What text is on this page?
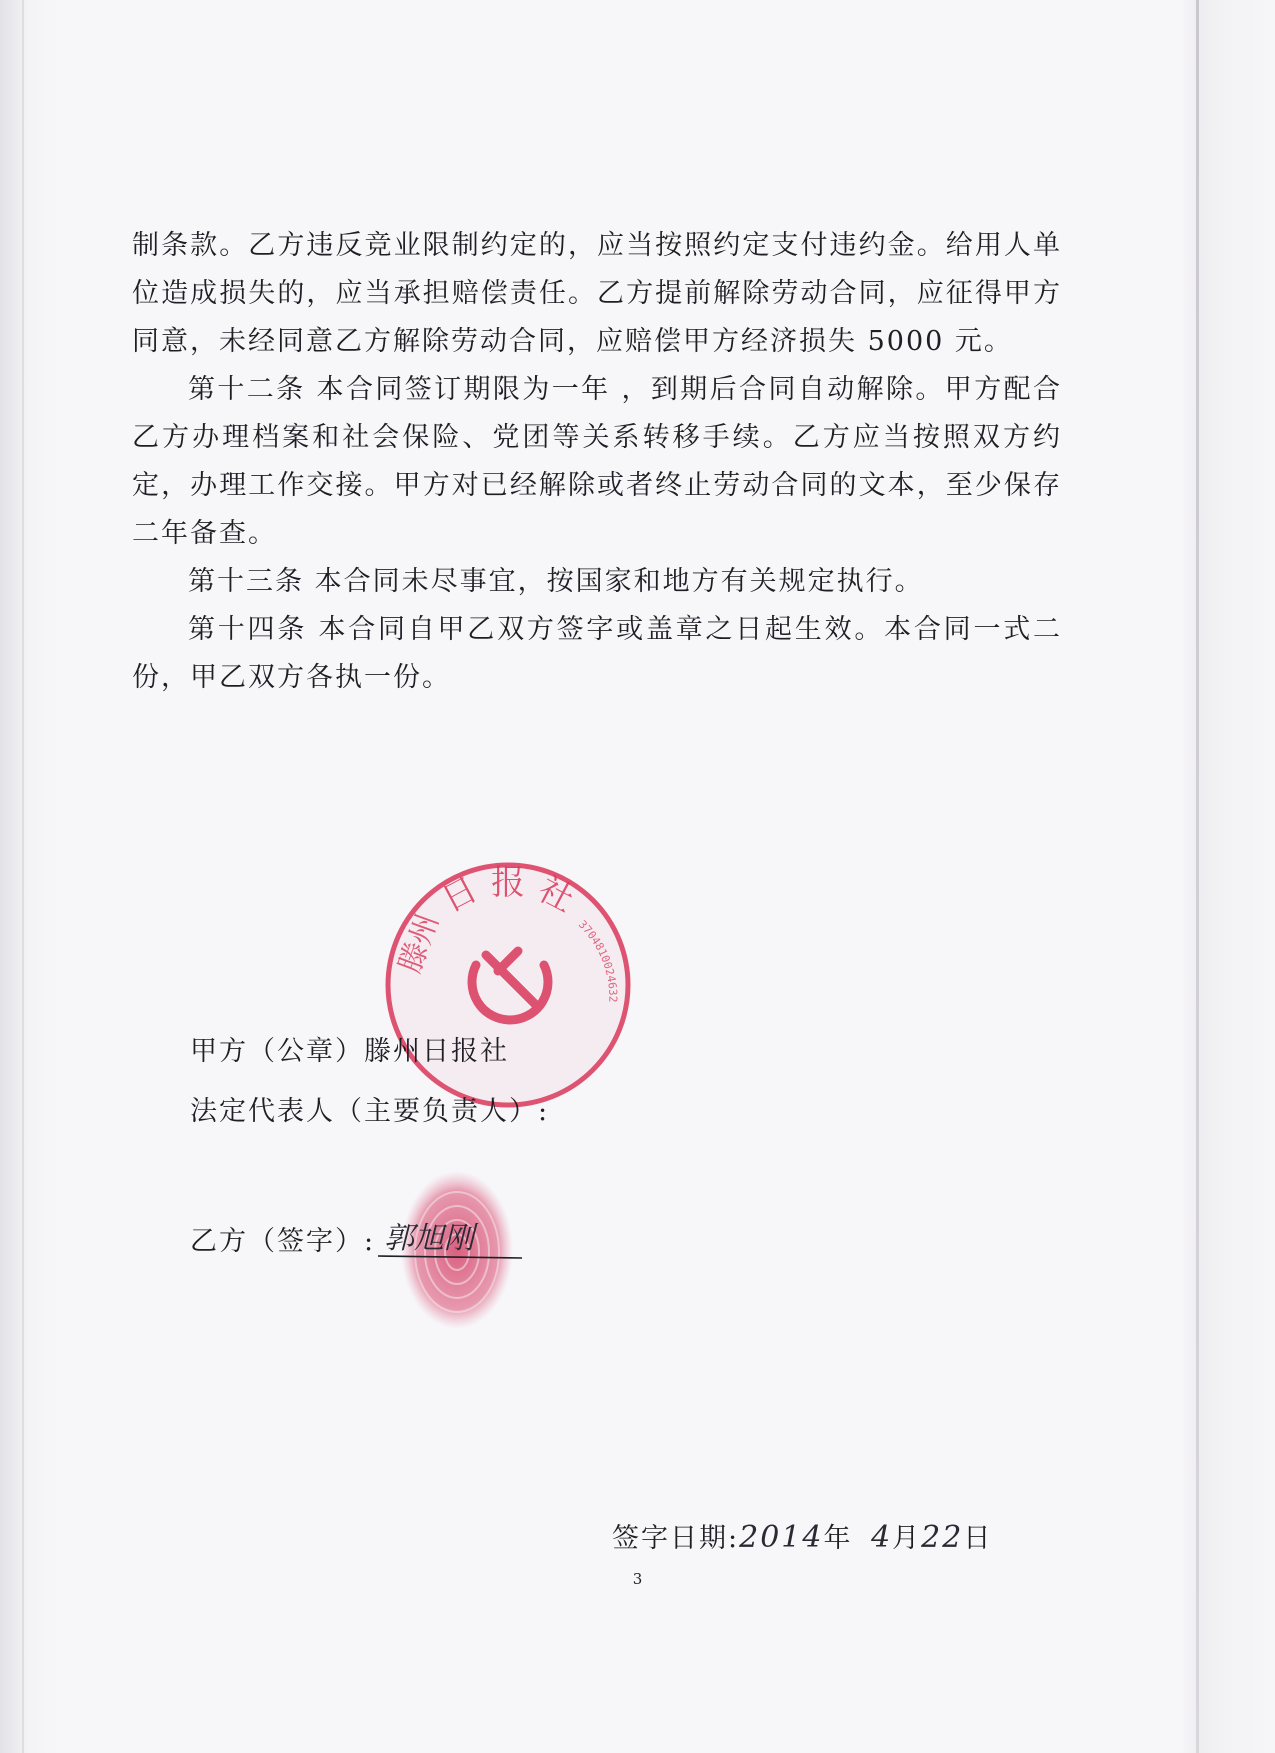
制条款。乙方违反竞业限制约定的，应当按照约定支付违约金。给用人单位造成损失的，应当承担赔偿责任。乙方提前解除劳动合同，应征得甲方同意，未经同意乙方解除劳动合同，应赔偿甲方经济损失 5000 元。

第十二条 本合同签订期限为一年 ，到期后合同自动解除。甲方配合乙方办理档案和社会保险、党团等关系转移手续。乙方应当按照双方约定，办理工作交接。甲方对已经解除或者终止劳动合同的文本，至少保存二年备查。

第十三条 本合同未尽事宜，按国家和地方有关规定执行。

第十四条 本合同自甲乙双方签字或盖章之日起生效。本合同一式二份，甲乙双方各执一份。

日 报 社
滕州	3704810024632
甲方（公章）滕州日报社
法定代表人（主要负责人）:
乙方（签字）: 郭旭刚
签字日期:2014年 4月22日
3
